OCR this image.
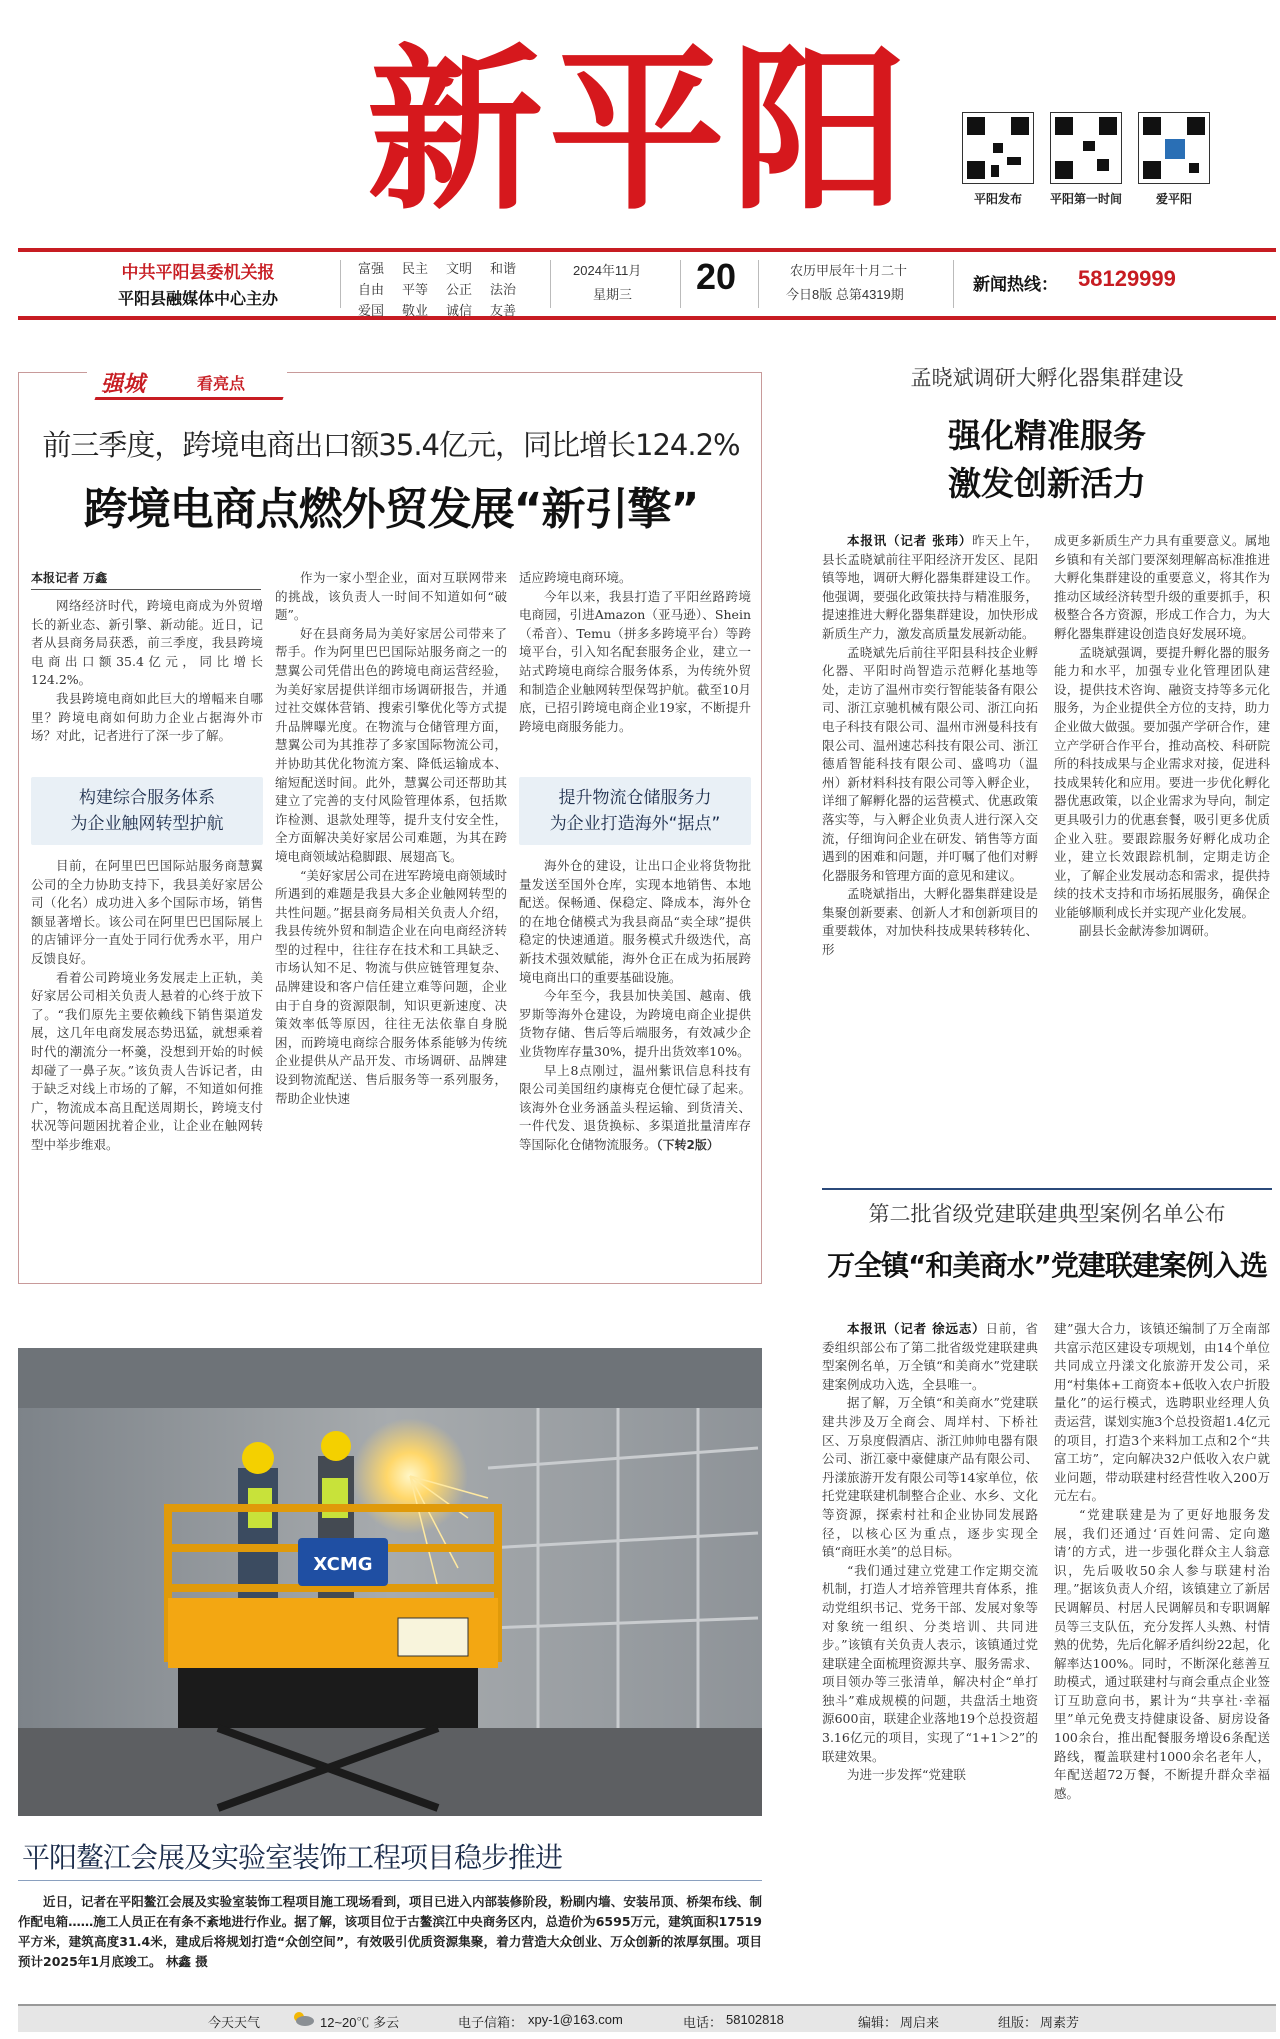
新平阳	平阳发布	平阳第一时间	爱平阳
中共平阳县委机关报
平阳县融媒体中心主办
富强	民主	文明	和谐
自由	平等	公正	法治
爱国	敬业	诚信	友善
2024年11月
星期三 20	农历甲辰年十月二十
今日8版 总第4319期
新闻热线： 58129999
强城	看亮点
前三季度，跨境电商出口额35.4亿元，同比增长124.2%
跨境电商点燃外贸发展“新引擎”
本报记者 万鑫

网络经济时代，跨境电商成为外贸增长的新业态、新引擎、新动能。近日，记者从县商务局获悉，前三季度，我县跨境电商出口额35.4亿元，同比增长124.2%。

我县跨境电商如此巨大的增幅来自哪里？跨境电商如何助力企业占据海外市场？对此，记者进行了深一步了解。

构建综合服务体系
为企业触网转型护航

目前，在阿里巴巴国际站服务商慧翼公司的全力协助支持下，我县美好家居公司（化名）成功进入多个国际市场，销售额显著增长。该公司在阿里巴巴国际展上的店铺评分一直处于同行优秀水平，用户反馈良好。

看着公司跨境业务发展走上正轨，美好家居公司相关负责人悬着的心终于放下了。“我们原先主要依赖线下销售渠道发展，这几年电商发展态势迅猛，就想乘着时代的潮流分一杯羹，没想到开始的时候却碰了一鼻子灰。”该负责人告诉记者，由于缺乏对线上市场的了解，不知道如何推广，物流成本高且配送周期长，跨境支付状况等问题困扰着企业，让企业在触网转型中举步维艰。

作为一家小型企业，面对互联网带来的挑战，该负责人一时间不知道如何“破题”。

好在县商务局为美好家居公司带来了帮手。作为阿里巴巴国际站服务商之一的慧翼公司凭借出色的跨境电商运营经验，为美好家居提供详细市场调研报告，并通过社交媒体营销、搜索引擎优化等方式提升品牌曝光度。在物流与仓储管理方面，慧翼公司为其推荐了多家国际物流公司，并协助其优化物流方案、降低运输成本、缩短配送时间。此外，慧翼公司还帮助其建立了完善的支付风险管理体系，包括欺诈检测、退款处理等，提升支付安全性，全方面解决美好家居公司难题，为其在跨境电商领域站稳脚跟、展翅高飞。

“美好家居公司在进军跨境电商领域时所遇到的难题是我县大多企业触网转型的共性问题。”据县商务局相关负责人介绍，我县传统外贸和制造企业在向电商经济转型的过程中，往往存在技术和工具缺乏、市场认知不足、物流与供应链管理复杂、品牌建设和客户信任建立难等问题，企业由于自身的资源限制，知识更新速度、决策效率低等原因，往往无法依靠自身脱困，而跨境电商综合服务体系能够为传统企业提供从产品开发、市场调研、品牌建设到物流配送、售后服务等一系列服务，帮助企业快速

适应跨境电商环境。

今年以来，我县打造了平阳丝路跨境电商园，引进Amazon（亚马逊）、Shein（希音）、Temu（拼多多跨境平台）等跨境平台，引入知名配套服务企业，建立一站式跨境电商综合服务体系，为传统外贸和制造企业触网转型保驾护航。截至10月底，已招引跨境电商企业19家，不断提升跨境电商服务能力。

提升物流仓储服务力
为企业打造海外“据点”

海外仓的建设，让出口企业将货物批量发送至国外仓库，实现本地销售、本地配送。保畅通、保稳定、降成本，海外仓的在地仓储模式为我县商品“卖全球”提供稳定的快速通道。服务模式升级迭代，高新技术强效赋能，海外仓正在成为拓展跨境电商出口的重要基础设施。

今年至今，我县加快美国、越南、俄罗斯等海外仓建设，为跨境电商企业提供货物存储、售后等后端服务，有效减少企业货物库存量30%，提升出货效率10%。

早上8点刚过，温州紫讯信息科技有限公司美国纽约康梅克仓便忙碌了起来。该海外仓业务涵盖头程运输、到货清关、一件代发、退货换标、多渠道批量清库存等国际化仓储物流服务。（下转2版）

孟晓斌调研大孵化器集群建设
强化精准服务
激发创新活力

本报讯（记者 张玮）昨天上午，县长孟晓斌前往平阳经济开发区、昆阳镇等地，调研大孵化器集群建设工作。他强调，要强化政策扶持与精准服务，提速推进大孵化器集群建设，加快形成新质生产力，激发高质量发展新动能。

孟晓斌先后前往平阳县科技企业孵化器、平阳时尚智造示范孵化基地等处，走访了温州市奕行智能装备有限公司、浙江京驰机械有限公司、浙江向拓电子科技有限公司、温州市洲曼科技有限公司、温州速芯科技有限公司、浙江德盾智能科技有限公司、盛鸣功（温州）新材料科技有限公司等入孵企业，详细了解孵化器的运营模式、优惠政策落实等，与入孵企业负责人进行深入交流，仔细询问企业在研发、销售等方面遇到的困难和问题，并叮嘱了他们对孵化器服务和管理方面的意见和建议。

孟晓斌指出，大孵化器集群建设是集聚创新要素、创新人才和创新项目的重要载体，对加快科技成果转移转化、形

成更多新质生产力具有重要意义。属地乡镇和有关部门要深刻理解高标准推进大孵化集群建设的重要意义，将其作为推动区域经济转型升级的重要抓手，积极整合各方资源，形成工作合力，为大孵化器集群建设创造良好发展环境。

孟晓斌强调，要提升孵化器的服务能力和水平，加强专业化管理团队建设，提供技术咨询、融资支持等多元化服务，为企业提供全方位的支持，助力企业做大做强。要加强产学研合作，建立产学研合作平台，推动高校、科研院所的科技成果与企业需求对接，促进科技成果转化和应用。要进一步优化孵化器优惠政策，以企业需求为导向，制定更具吸引力的优惠套餐，吸引更多优质企业入驻。要跟踪服务好孵化成功企业，建立长效跟踪机制，定期走访企业，了解企业发展动态和需求，提供持续的技术支持和市场拓展服务，确保企业能够顺利成长并实现产业化发展。

副县长金献涛参加调研。

第二批省级党建联建典型案例名单公布
万全镇“和美商水”党建联建案例入选

本报讯（记者 徐远志）日前，省委组织部公布了第二批省级党建联建典型案例名单，万全镇“和美商水”党建联建案例成功入选，全县唯一。

据了解，万全镇“和美商水”党建联建共涉及万全商会、周垟村、下桥社区、万泉度假酒店、浙江帅帅电器有限公司、浙江豪中豪健康产品有限公司、丹漾旅游开发有限公司等14家单位，依托党建联建机制整合企业、水乡、文化等资源，探索村社和企业协同发展路径，以核心区为重点，逐步实现全镇“商旺水美”的总目标。

“我们通过建立党建工作定期交流机制，打造人才培养管理共育体系，推动党组织书记、党务干部、发展对象等对象统一组织、分类培训、共同进步。”该镇有关负责人表示，该镇通过党建联建全面梳理资源共享、服务需求、项目领办等三张清单，解决村企“单打独斗”难成规模的问题，共盘活土地资源600亩，联建企业落地19个总投资超3.16亿元的项目，实现了“1+1＞2”的联建效果。

为进一步发挥“党建联

建”强大合力，该镇还编制了万全南部共富示范区建设专项规划，由14个单位共同成立丹漾文化旅游开发公司，采用“村集体+工商资本+低收入农户折股量化”的运行模式，选聘职业经理人负责运营，谋划实施3个总投资超1.4亿元的项目，打造3个来料加工点和2个“共富工坊”，定向解决32户低收入农户就业问题，带动联建村经营性收入200万元左右。

“党建联建是为了更好地服务发展，我们还通过‘百姓问需、定向邀请’的方式，进一步强化群众主人翁意识，先后吸收50余人参与联建村治理。”据该负责人介绍，该镇建立了新居民调解员、村居人民调解员和专职调解员等三支队伍，充分发挥人头熟、村情熟的优势，先后化解矛盾纠纷22起，化解率达100%。同时，不断深化慈善互助模式，通过联建村与商会重点企业签订互助意向书，累计为“共享社·幸福里”单元免费支持健康设备、厨房设备100余台，推出配餐服务增设6条配送路线，覆盖联建村1000余名老年人，年配送超72万餐，不断提升群众幸福感。

XCMG
平阳鳌江会展及实验室装饰工程项目稳步推进
近日，记者在平阳鳌江会展及实验室装饰工程项目施工现场看到，项目已进入内部装修阶段，粉刷内墙、安装吊顶、桥架布线、制作配电箱……施工人员正在有条不紊地进行作业。据了解，该项目位于古鳌滨江中央商务区内，总造价为6595万元，建筑面积17519平方米，建筑高度31.4米，建成后将规划打造“众创空间”，有效吸引优质资源集聚，着力营造大众创业、万众创新的浓厚氛围。项目预计2025年1月底竣工。 林鑫 摄
今天天气	12~20℃ 多云	电子信箱： xpy-1@163.com	电话： 58102818	编辑： 周启来	组版： 周素芳
